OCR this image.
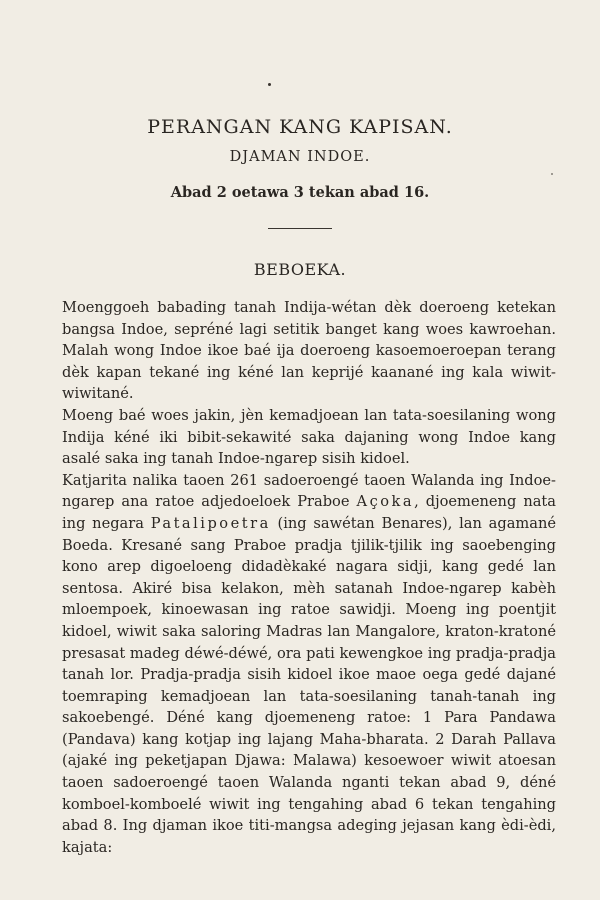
PERANGAN KANG KAPISAN.
DJAMAN INDOE.
Abad 2 oetawa 3 tekan abad 16.
BEBOEKA.

Moenggoeh babading tanah Indija-wétan dèk doeroeng ketekan bangsa Indoe, sepréné lagi setitik banget kang woes kawroehan. Malah wong Indoe ikoe baé ija doeroeng kasoemoeroepan terang dèk kapan tekané ing kéné lan keprijé kaanané ing kala wiwit-wiwitané.

Moeng baé woes jakin, jèn kemadjoean lan tata-soesilaning wong Indija kéné iki bibit-sekawité saka dajaning wong Indoe kang asalé saka ing tanah Indoe-ngarep sisih kidoel.

Katjarita nalika taoen 261 sadoeroengé taoen Walanda ing Indoe-ngarep ana ratoe adjedoeloek Praboe Açoka, djoemeneng nata ing negara Patalipoetra (ing sawétan Benares), lan agamané Boeda. Kresané sang Praboe pradja tjilik-tjilik ing saoebenging kono arep digoeloeng didadèkaké nagara sidji, kang gedé lan sentosa. Akiré bisa kelakon, mèh satanah Indoe-ngarep kabèh mloempoek, kinoewasan ing ratoe sawidji. Moeng ing poentjit kidoel, wiwit saka saloring Madras lan Mangalore, kraton-kratoné presasat madeg déwé-déwé, ora pati kewengkoe ing pradja-pradja tanah lor. Pradja-pradja sisih kidoel ikoe maoe oega gedé dajané toemraping kemadjoean lan tata-soesilaning tanah-tanah ing sakoebengé. Déné kang djoemeneng ratoe: 1 Para Pandawa (Pandava) kang kotjap ing lajang Maha-bharata. 2 Darah Pallava (ajaké ing peketjapan Djawa: Malawa) kesoewoer wiwit atoesan taoen sadoeroengé taoen Walanda nganti tekan abad 9, déné komboel-komboelé wiwit ing tengahing abad 6 tekan tengahing abad 8. Ing djaman ikoe titi-mangsa adeging jejasan kang èdi-èdi, kajata:
